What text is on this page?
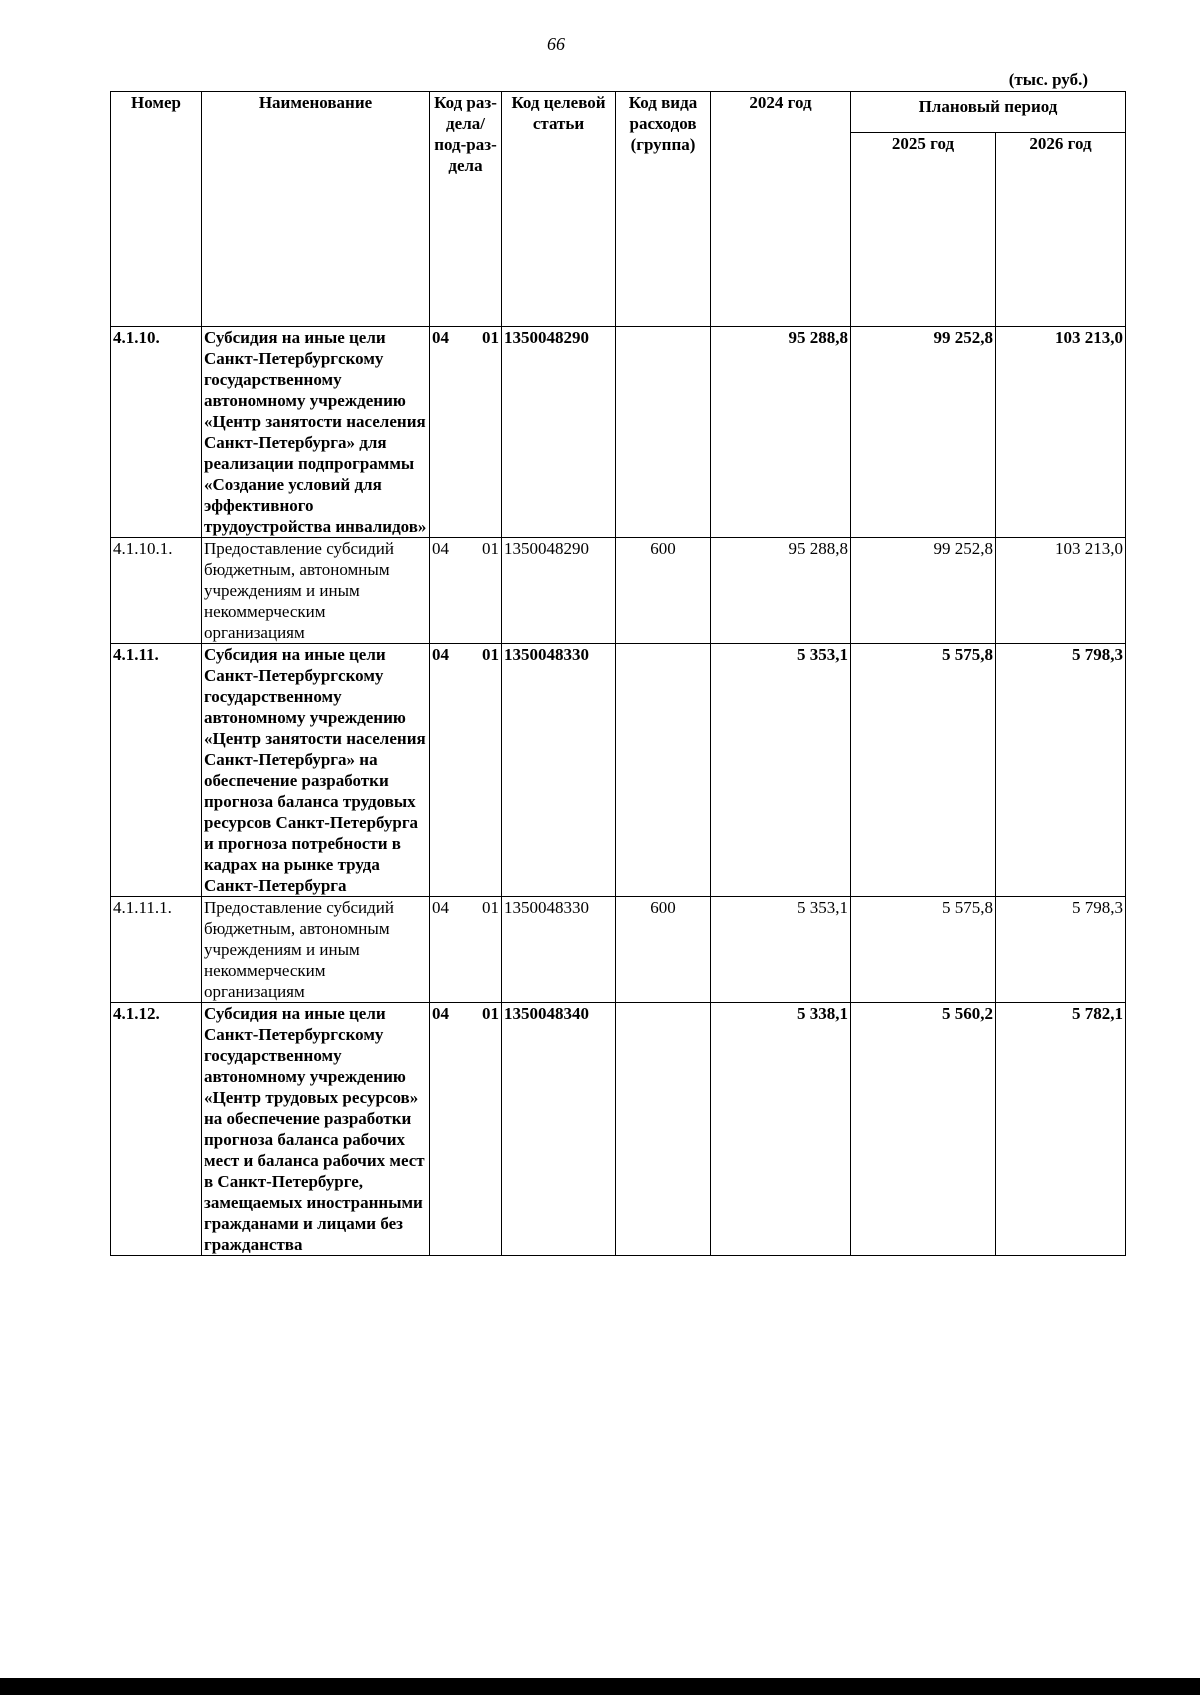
66
(тыс. руб.)
Номер	Наименование	Код раз-дела/ под-раз-дела	Код целевой статьи	Код вида расходов (группа)	2024 год	Плановый период	
						2025 год	2026 год
4.1.10.	Субсидия на иные цели Санкт-Петербургскому государственному автономному учреждению «Центр занятости населения Санкт-Петербурга» для реализации подпрограммы «Создание условий для эффективного трудоустройства инвалидов»	04 01	1350048290		95 288,8	99 252,8	103 213,0
4.1.10.1.	Предоставление субсидий бюджетным, автономным учреждениям и иным некоммерческим организациям	04 01	1350048290	600	95 288,8	99 252,8	103 213,0
4.1.11.	Субсидия на иные цели Санкт-Петербургскому государственному автономному учреждению «Центр занятости населения Санкт-Петербурга» на обеспечение разработки прогноза баланса трудовых ресурсов Санкт-Петербурга и прогноза потребности в кадрах на рынке труда Санкт-Петербурга	04 01	1350048330		5 353,1	5 575,8	5 798,3
4.1.11.1.	Предоставление субсидий бюджетным, автономным учреждениям и иным некоммерческим организациям	04 01	1350048330	600	5 353,1	5 575,8	5 798,3
4.1.12.	Субсидия на иные цели Санкт-Петербургскому государственному автономному учреждению «Центр трудовых ресурсов» на обеспечение разработки прогноза баланса рабочих мест и баланса рабочих мест в Санкт-Петербурге, замещаемых иностранными гражданами и лицами без гражданства	04 01	1350048340		5 338,1	5 560,2	5 782,1
